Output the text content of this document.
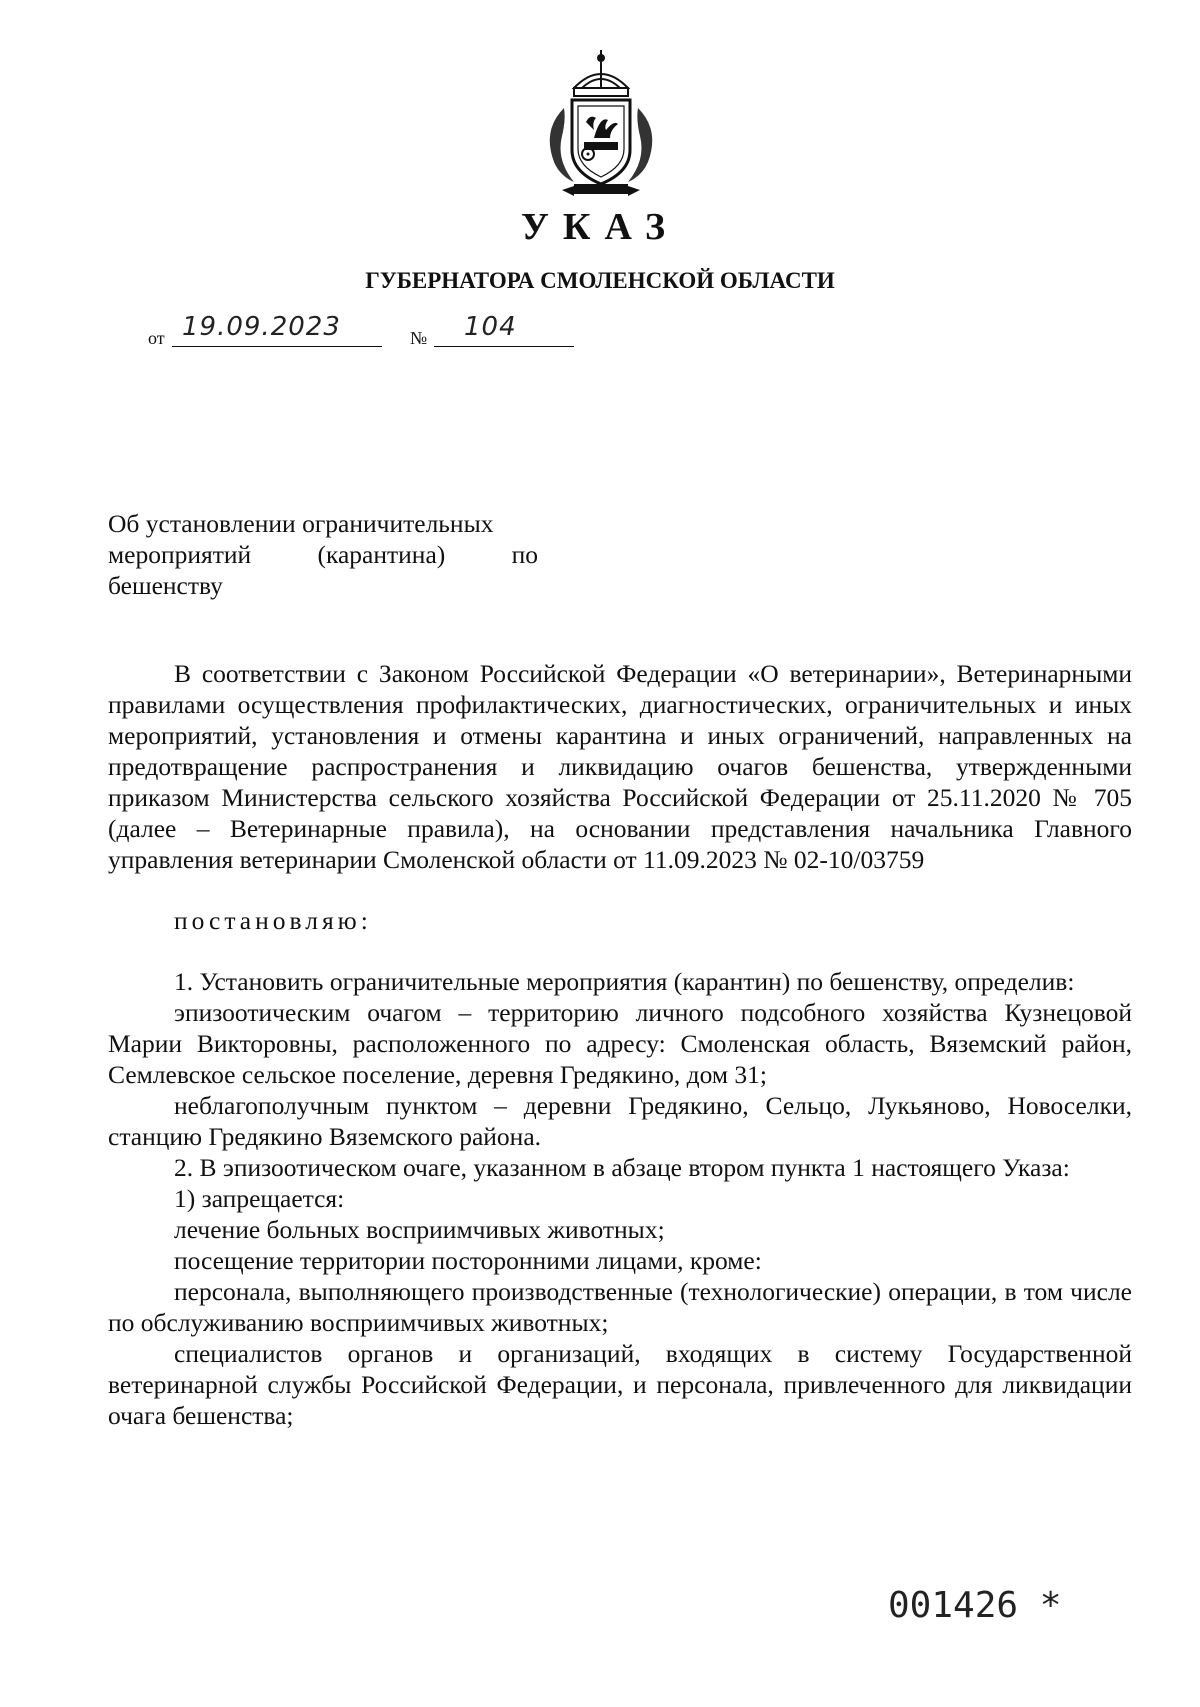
УКАЗ
ГУБЕРНАТОРА СМОЛЕНСКОЙ ОБЛАСТИ
от 19.09.2023	№ 104
Об установлении ограничительных
мероприятий (карантина) по
бешенству

В соответствии с Законом Российской Федерации «О ветеринарии», Ветеринарными правилами осуществления профилактических, диагностических, ограничительных и иных мероприятий, установления и отмены карантина и иных ограничений, направленных на предотвращение распространения и ликвидацию очагов бешенства, утвержденными приказом Министерства сельского хозяйства Российской Федерации от 25.11.2020 № 705 (далее – Ветеринарные правила), на основании представления начальника Главного управления ветеринарии Смоленской области от 11.09.2023 № 02-10/03759

постановляю:

1. Установить ограничительные мероприятия (карантин) по бешенству, определив:

эпизоотическим очагом – территорию личного подсобного хозяйства Кузнецовой Марии Викторовны, расположенного по адресу: Смоленская область, Вяземский район, Семлевское сельское поселение, деревня Гредякино, дом 31;

неблагополучным пунктом – деревни Гредякино, Сельцо, Лукьяново, Новоселки, станцию Гредякино Вяземского района.

2. В эпизоотическом очаге, указанном в абзаце втором пункта 1 настоящего Указа:

1) запрещается:

лечение больных восприимчивых животных;

посещение территории посторонними лицами, кроме:

персонала, выполняющего производственные (технологические) операции, в том числе по обслуживанию восприимчивых животных;

специалистов органов и организаций, входящих в систему Государственной ветеринарной службы Российской Федерации, и персонала, привлеченного для ликвидации очага бешенства;

001426 *
